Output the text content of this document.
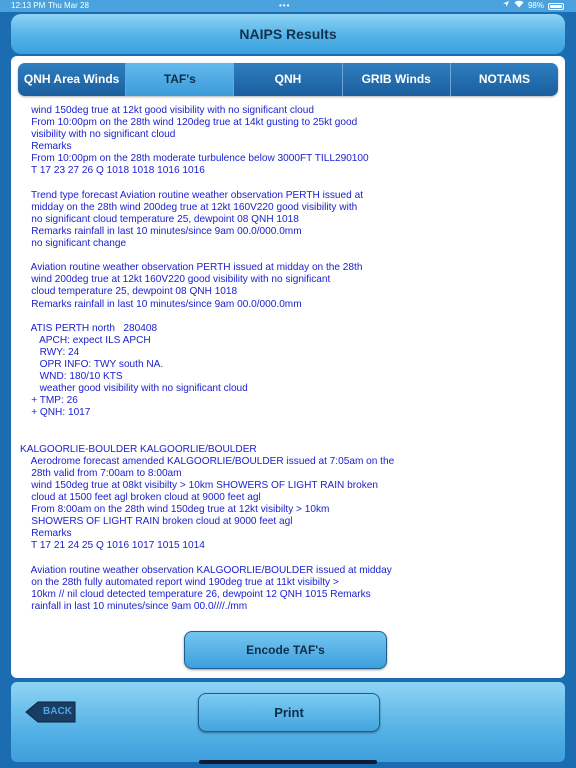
12:13 PM Thu Mar 28	•••	98%
NAIPS Results
QNH Area Winds	TAF's	QNH	GRIB Winds	NOTAMS
wind 150deg true at 12kt good visibility with no significant cloud
From 10:00pm on the 28th wind 120deg true at 14kt gusting to 25kt good
visibility with no significant cloud
Remarks
From 10:00pm on the 28th moderate turbulence below 3000FT TILL290100
T 17 23 27 26 Q 1018 1018 1016 1016
Trend type forecast Aviation routine weather observation PERTH issued at
midday on the 28th wind 200deg true at 12kt 160V220 good visibility with
no significant cloud temperature 25, dewpoint 08 QNH 1018
Remarks rainfall in last 10 minutes/since 9am 00.0/000.0mm
no significant change
Aviation routine weather observation PERTH issued at midday on the 28th
wind 200deg true at 12kt 160V220 good visibility with no significant
cloud temperature 25, dewpoint 08 QNH 1018
Remarks rainfall in last 10 minutes/since 9am 00.0/000.0mm
ATIS PERTH north   280408
APCH: expect ILS APCH
RWY: 24
OPR INFO: TWY south NA.
WND: 180/10 KTS
weather good visibility with no significant cloud
+ TMP: 26
+ QNH: 1017
KALGOORLIE-BOULDER KALGOORLIE/BOULDER
Aerodrome forecast amended KALGOORLIE/BOULDER issued at 7:05am on the
28th valid from 7:00am to 8:00am
wind 150deg true at 08kt visibilty > 10km SHOWERS OF LIGHT RAIN broken
cloud at 1500 feet agl broken cloud at 9000 feet agl
From 8:00am on the 28th wind 150deg true at 12kt visibilty > 10km
SHOWERS OF LIGHT RAIN broken cloud at 9000 feet agl
Remarks
T 17 21 24 25 Q 1016 1017 1015 1014
Aviation routine weather observation KALGOORLIE/BOULDER issued at midday
on the 28th fully automated report wind 190deg true at 11kt visibilty >
10km // nil cloud detected temperature 26, dewpoint 12 QNH 1015 Remarks
rainfall in last 10 minutes/since 9am 00.0////./mm
Encode TAF's
BACK	Print
